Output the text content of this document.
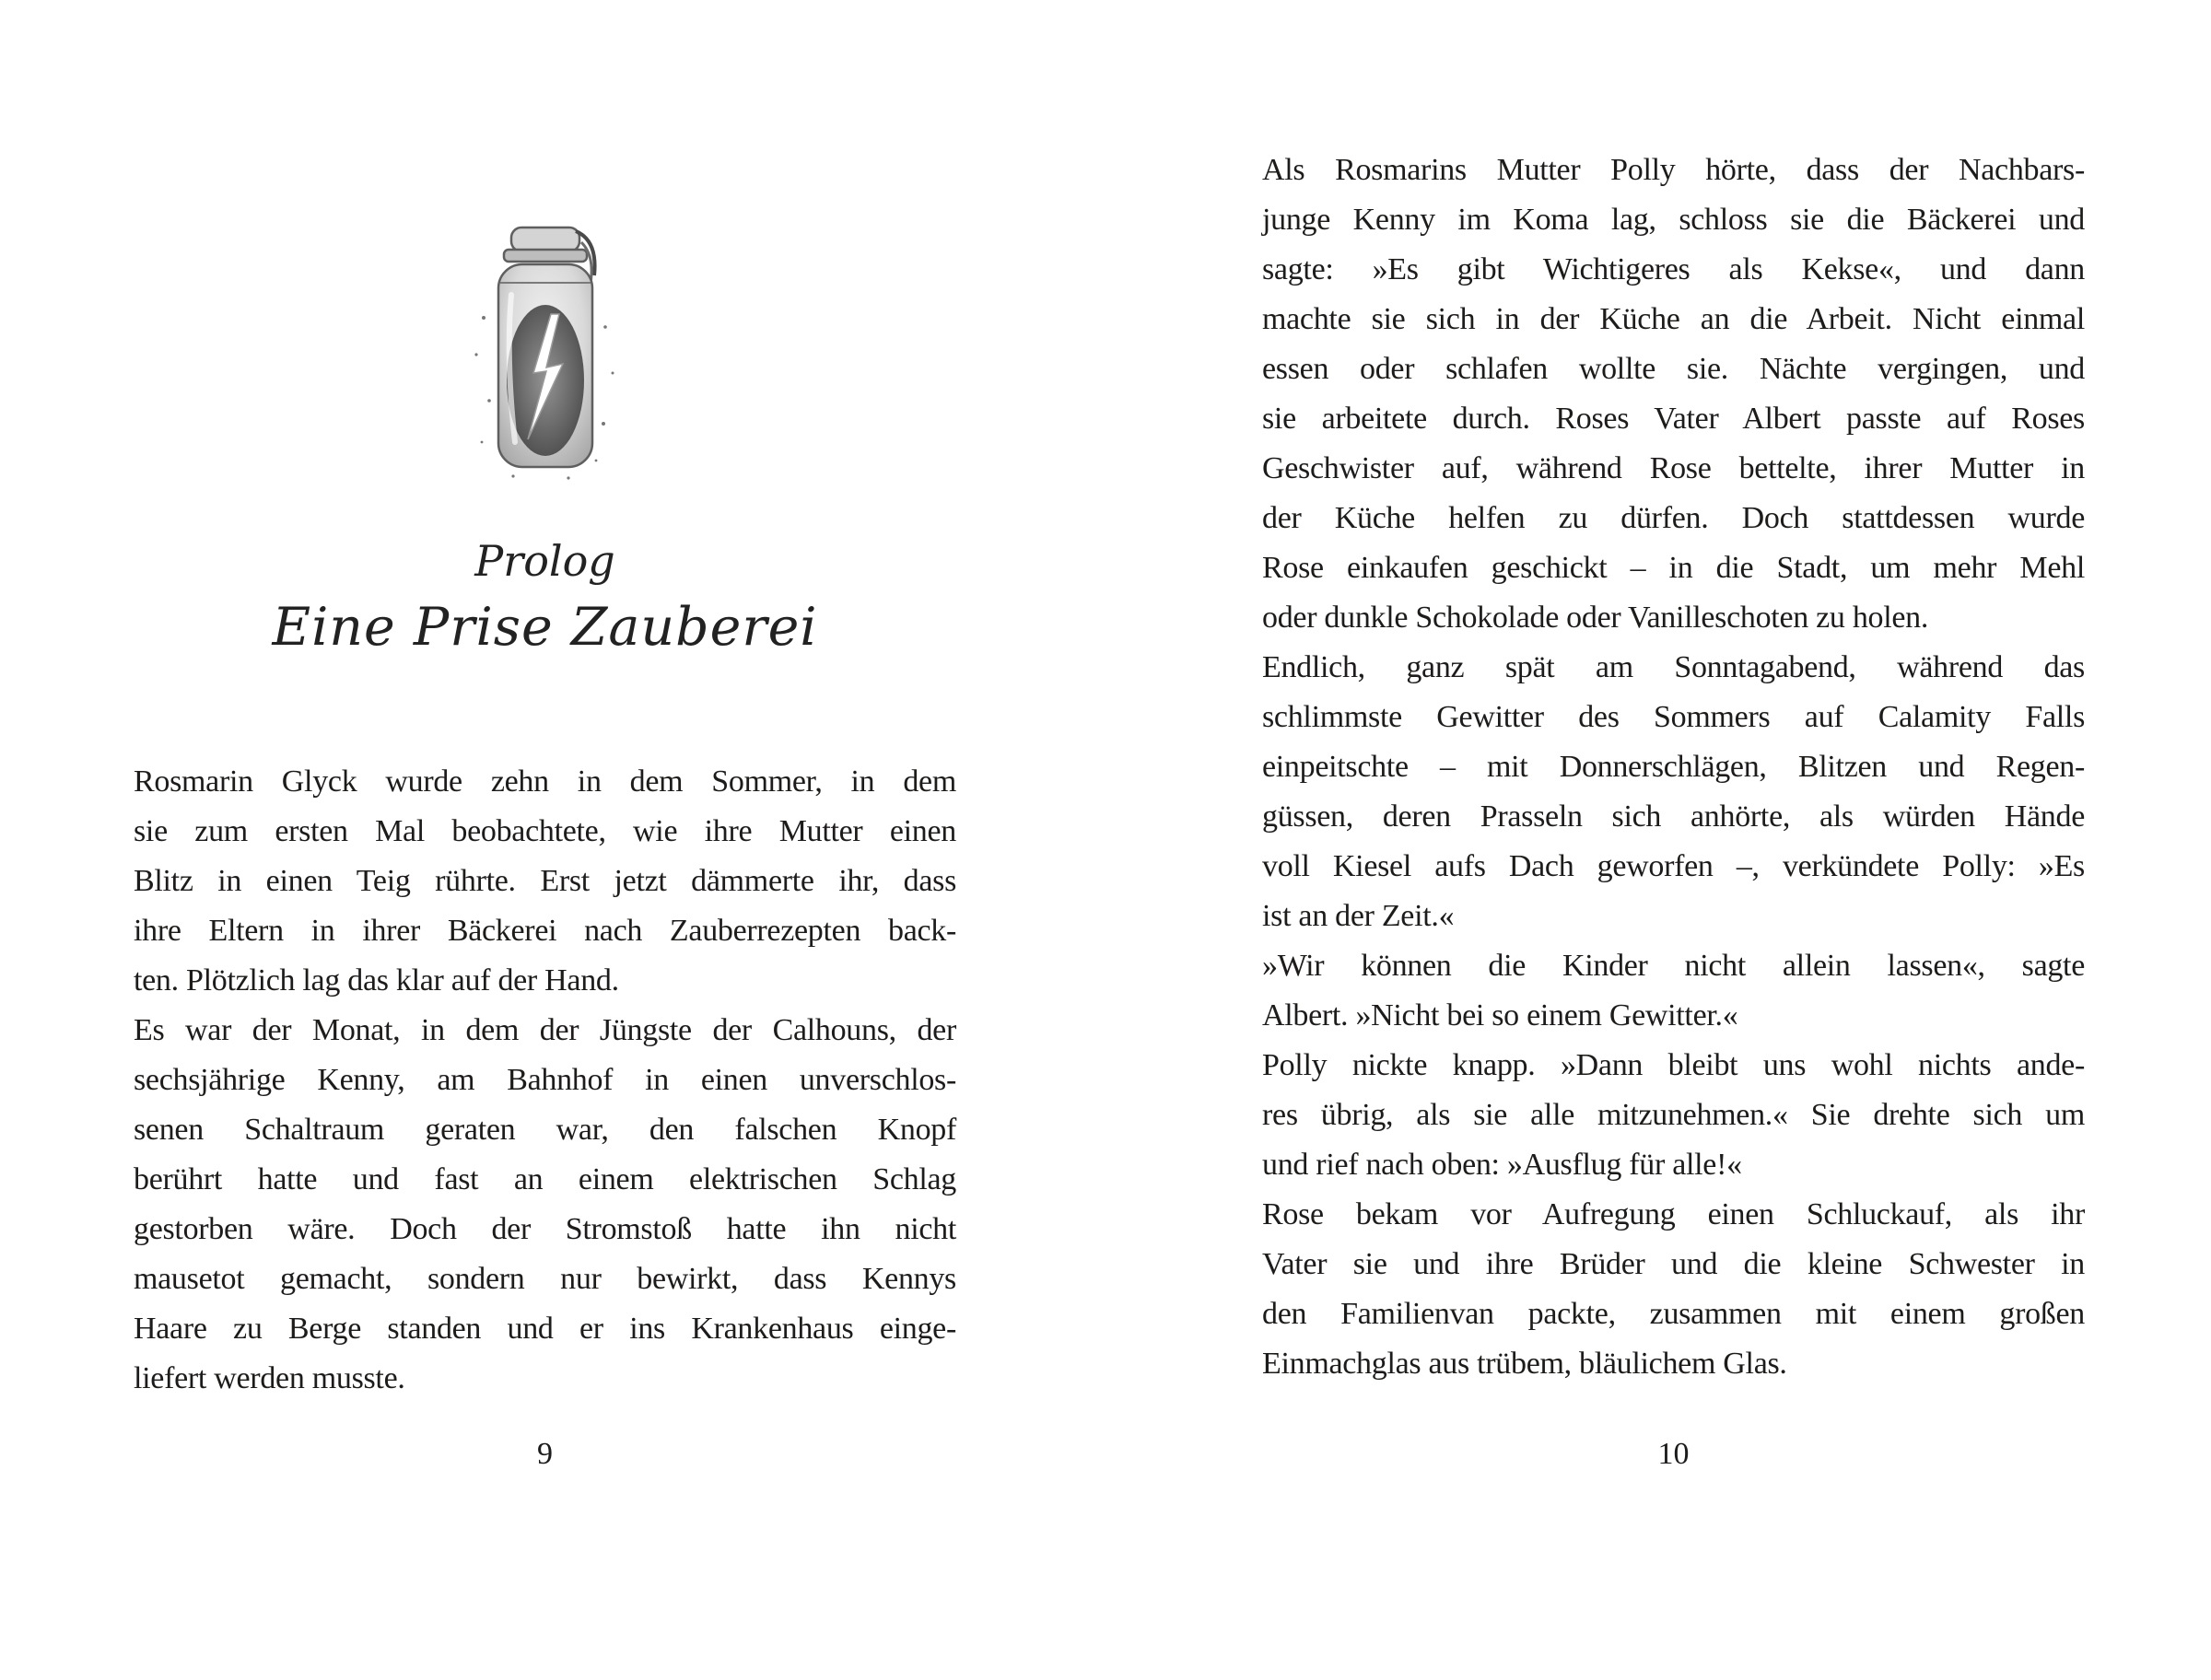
Prolog
Eine Prise Zauberei
Rosmarin Glyck wurde zehn in dem Sommer, in dem
sie zum ersten Mal beobachtete, wie ihre Mutter einen
Blitz in einen Teig rührte. Erst jetzt dämmerte ihr, dass
ihre Eltern in ihrer Bäckerei nach Zauberrezepten back-
ten. Plötzlich lag das klar auf der Hand.
Es war der Monat, in dem der Jüngste der Calhouns, der
sechsjährige Kenny, am Bahnhof in einen unverschlos-
senen Schaltraum geraten war, den falschen Knopf
berührt hatte und fast an einem elektrischen Schlag
gestorben wäre. Doch der Stromstoß hatte ihn nicht
mausetot gemacht, sondern nur bewirkt, dass Kennys
Haare zu Berge standen und er ins Krankenhaus einge-
liefert werden musste.
9
Als Rosmarins Mutter Polly hörte, dass der Nachbars-
junge Kenny im Koma lag, schloss sie die Bäckerei und
sagte: »Es gibt Wichtigeres als Kekse«, und dann
machte sie sich in der Küche an die Arbeit. Nicht einmal
essen oder schlafen wollte sie. Nächte vergingen, und
sie arbeitete durch. Roses Vater Albert passte auf Roses
Geschwister auf, während Rose bettelte, ihrer Mutter in
der Küche helfen zu dürfen. Doch stattdessen wurde
Rose einkaufen geschickt – in die Stadt, um mehr Mehl
oder dunkle Schokolade oder Vanilleschoten zu holen.
Endlich, ganz spät am Sonntagabend, während das
schlimmste Gewitter des Sommers auf Calamity Falls
einpeitschte – mit Donnerschlägen, Blitzen und Regen-
güssen, deren Prasseln sich anhörte, als würden Hände
voll Kiesel aufs Dach geworfen –, verkündete Polly: »Es
ist an der Zeit.«
»Wir können die Kinder nicht allein lassen«, sagte
Albert. »Nicht bei so einem Gewitter.«
Polly nickte knapp. »Dann bleibt uns wohl nichts ande-
res übrig, als sie alle mitzunehmen.« Sie drehte sich um
und rief nach oben: »Ausflug für alle!«
Rose bekam vor Aufregung einen Schluckauf, als ihr
Vater sie und ihre Brüder und die kleine Schwester in
den Familienvan packte, zusammen mit einem großen
Einmachglas aus trübem, bläulichem Glas.
10
